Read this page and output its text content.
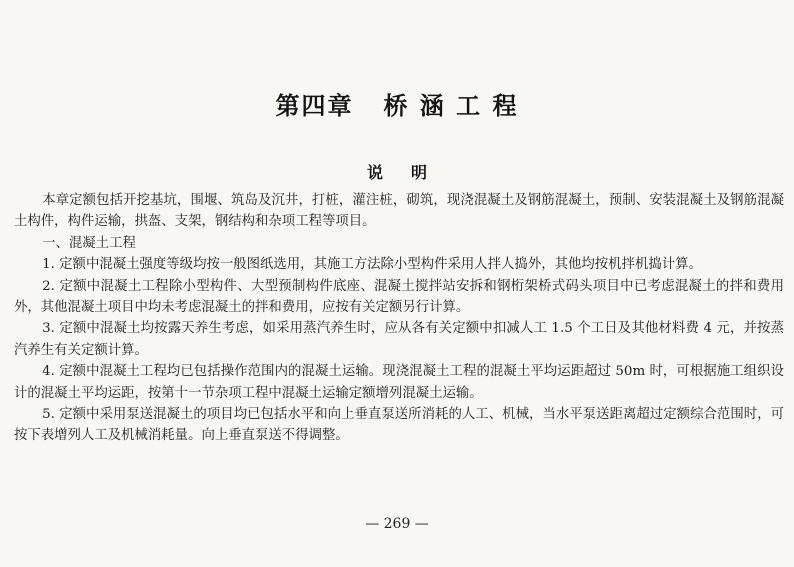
第四章 桥 涵 工 程
说明

本章定额包括开挖基坑，围堰、筑岛及沉井，打桩，灌注桩，砌筑，现浇混凝土及钢筋混凝土，预制、安装混凝土及钢筋混凝土构件，构件运输，拱盔、支架，钢结构和杂项工程等项目。

一、混凝土工程

1. 定额中混凝土强度等级均按一般图纸选用，其施工方法除小型构件采用人拌人捣外，其他均按机拌机捣计算。

2. 定额中混凝土工程除小型构件、大型预制构件底座、混凝土搅拌站安拆和钢桁架桥式码头项目中已考虑混凝土的拌和费用外，其他混凝土项目中均未考虑混凝土的拌和费用，应按有关定额另行计算。

3. 定额中混凝土均按露天养生考虑，如采用蒸汽养生时，应从各有关定额中扣减人工 1.5 个工日及其他材料费 4 元，并按蒸汽养生有关定额计算。

4. 定额中混凝土工程均已包括操作范围内的混凝土运输。现浇混凝土工程的混凝土平均运距超过 50m 时，可根据施工组织设计的混凝土平均运距，按第十一节杂项工程中混凝土运输定额增列混凝土运输。

5. 定额中采用泵送混凝土的项目均已包括水平和向上垂直泵送所消耗的人工、机械，当水平泵送距离超过定额综合范围时，可按下表增列人工及机械消耗量。向上垂直泵送不得调整。

— 269 —
